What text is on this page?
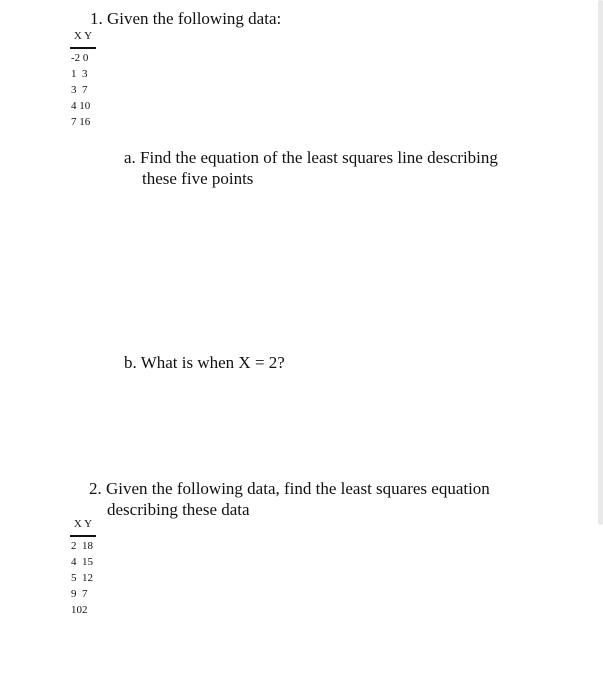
1. Given the following data:
X Y
-2 0
1  3
3  7
4 10
7 16
a. Find the equation of the least squares line describing
these five points
b. What is when X = 2?
2. Given the following data, find the least squares equation
describing these data
X Y
2  18
4  15
5  12
9  7
102
